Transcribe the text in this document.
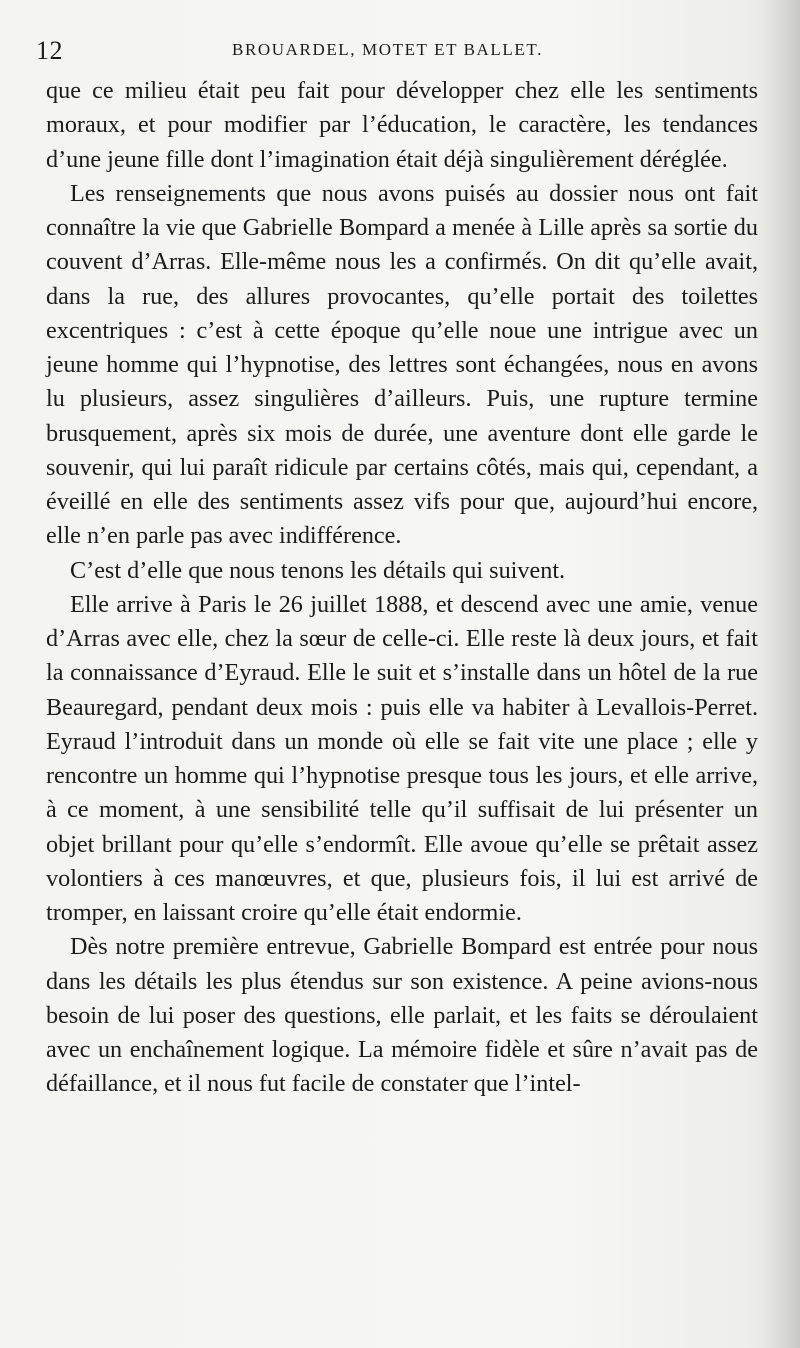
12	BROUARDEL, MOTET ET BALLET.

que ce milieu était peu fait pour développer chez elle les sentiments moraux, et pour modifier par l’éducation, le caractère, les tendances d’une jeune fille dont l’imagination était déjà singulièrement déréglée.

Les renseignements que nous avons puisés au dossier nous ont fait connaître la vie que Gabrielle Bompard a menée à Lille après sa sortie du couvent d’Arras. Elle-même nous les a confirmés. On dit qu’elle avait, dans la rue, des allures provocantes, qu’elle portait des toilettes excentriques : c’est à cette époque qu’elle noue une intrigue avec un jeune homme qui l’hypnotise, des lettres sont échangées, nous en avons lu plusieurs, assez singulières d’ailleurs. Puis, une rupture termine brusquement, après six mois de durée, une aventure dont elle garde le souvenir, qui lui paraît ridicule par certains côtés, mais qui, cependant, a éveillé en elle des sentiments assez vifs pour que, aujourd’hui encore, elle n’en parle pas avec indifférence.

C’est d’elle que nous tenons les détails qui suivent.

Elle arrive à Paris le 26 juillet 1888, et descend avec une amie, venue d’Arras avec elle, chez la sœur de celle-ci. Elle reste là deux jours, et fait la connaissance d’Eyraud. Elle le suit et s’installe dans un hôtel de la rue Beauregard, pendant deux mois : puis elle va habiter à Levallois-Perret. Eyraud l’introduit dans un monde où elle se fait vite une place ; elle y rencontre un homme qui l’hypnotise presque tous les jours, et elle arrive, à ce moment, à une sensibilité telle qu’il suffisait de lui présenter un objet brillant pour qu’elle s’endormît. Elle avoue qu’elle se prêtait assez volontiers à ces manœuvres, et que, plusieurs fois, il lui est arrivé de tromper, en laissant croire qu’elle était endormie.

Dès notre première entrevue, Gabrielle Bompard est entrée pour nous dans les détails les plus étendus sur son existence. A peine avions-nous besoin de lui poser des questions, elle parlait, et les faits se déroulaient avec un enchaînement logique. La mémoire fidèle et sûre n’avait pas de défaillance, et il nous fut facile de constater que l’intel-
